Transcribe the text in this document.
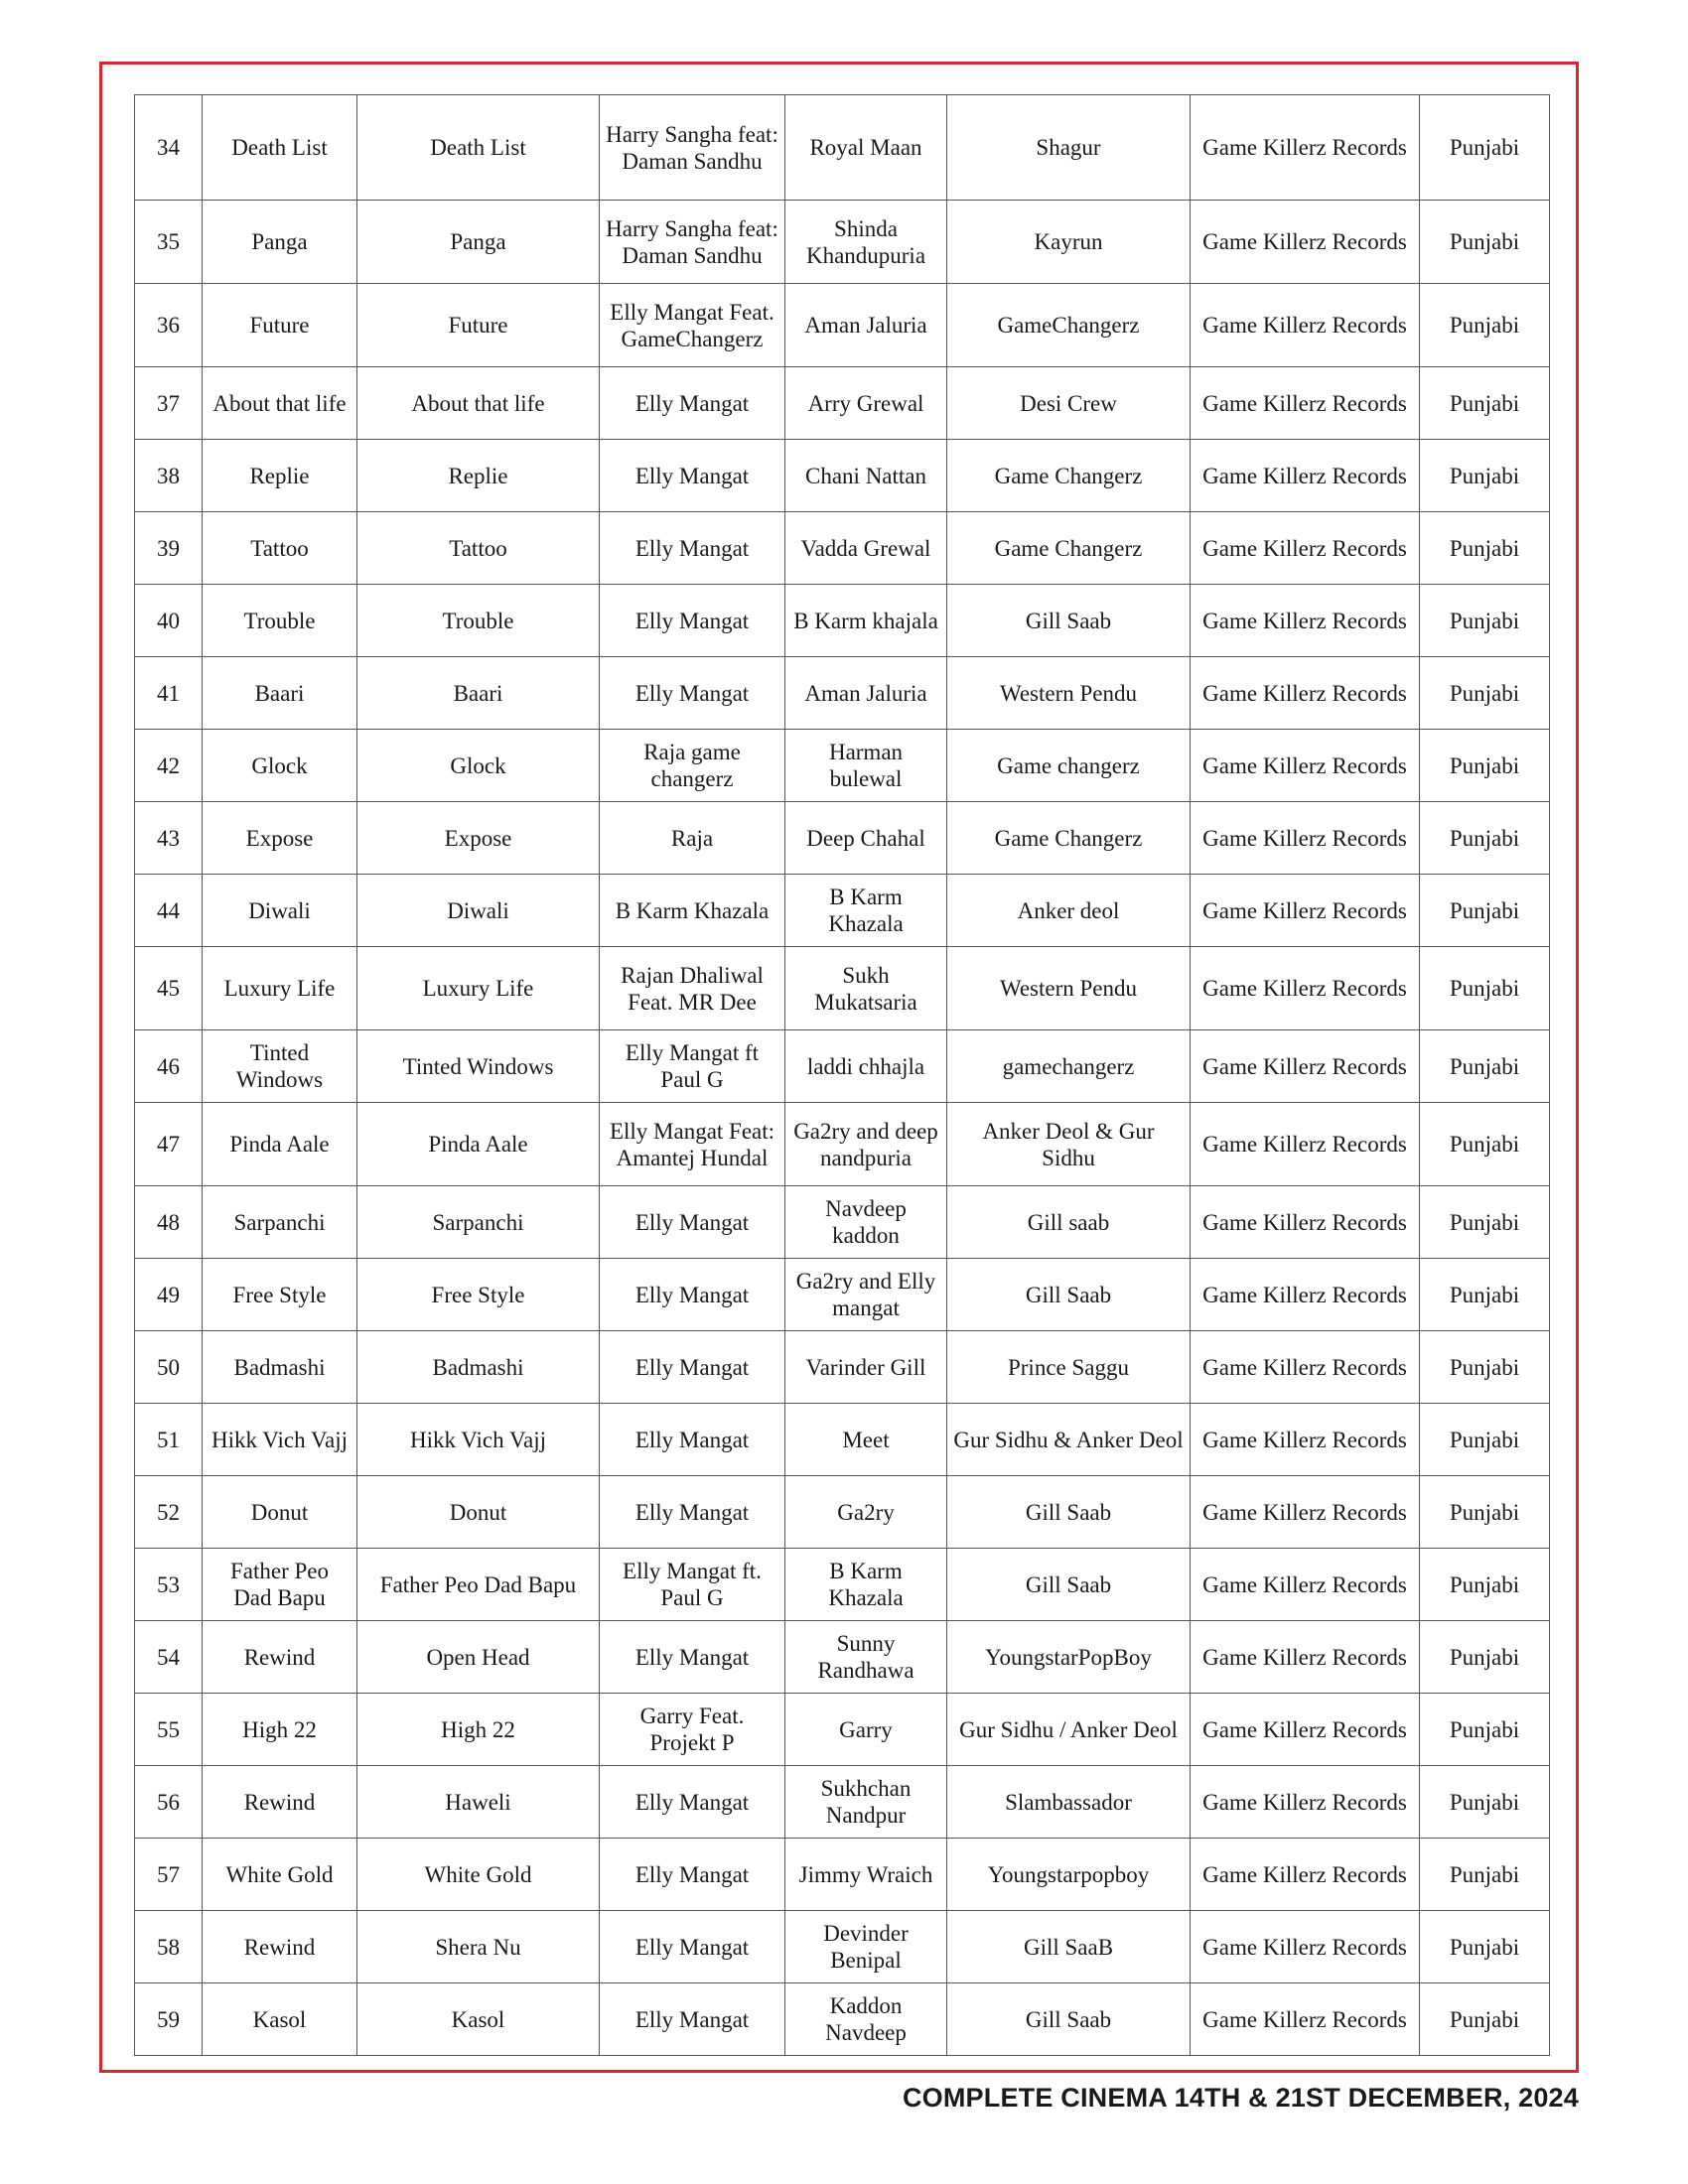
34	Death List	Death List	Harry Sangha feat: Daman Sandhu	Royal Maan	Shagur	Game Killerz Records	Punjabi
35	Panga	Panga	Harry Sangha feat: Daman Sandhu	Shinda Khandupuria	Kayrun	Game Killerz Records	Punjabi
36	Future	Future	Elly Mangat Feat. GameChangerz	Aman Jaluria	GameChangerz	Game Killerz Records	Punjabi
37	About that life	About that life	Elly Mangat	Arry Grewal	Desi Crew	Game Killerz Records	Punjabi
38	Replie	Replie	Elly Mangat	Chani Nattan	Game Changerz	Game Killerz Records	Punjabi
39	Tattoo	Tattoo	Elly Mangat	Vadda Grewal	Game Changerz	Game Killerz Records	Punjabi
40	Trouble	Trouble	Elly Mangat	B Karm khajala	Gill Saab	Game Killerz Records	Punjabi
41	Baari	Baari	Elly Mangat	Aman Jaluria	Western Pendu	Game Killerz Records	Punjabi
42	Glock	Glock	Raja game changerz	Harman bulewal	Game changerz	Game Killerz Records	Punjabi
43	Expose	Expose	Raja	Deep Chahal	Game Changerz	Game Killerz Records	Punjabi
44	Diwali	Diwali	B Karm Khazala	B Karm Khazala	Anker deol	Game Killerz Records	Punjabi
45	Luxury Life	Luxury Life	Rajan Dhaliwal Feat. MR Dee	Sukh Mukatsaria	Western Pendu	Game Killerz Records	Punjabi
46	Tinted Windows	Tinted Windows	Elly Mangat ft Paul G	laddi chhajla	gamechangerz	Game Killerz Records	Punjabi
47	Pinda Aale	Pinda Aale	Elly Mangat Feat: Amantej Hundal	Ga2ry and deep nandpuria	Anker Deol & Gur Sidhu	Game Killerz Records	Punjabi
48	Sarpanchi	Sarpanchi	Elly Mangat	Navdeep kaddon	Gill saab	Game Killerz Records	Punjabi
49	Free Style	Free Style	Elly Mangat	Ga2ry and Elly mangat	Gill Saab	Game Killerz Records	Punjabi
50	Badmashi	Badmashi	Elly Mangat	Varinder Gill	Prince Saggu	Game Killerz Records	Punjabi
51	Hikk Vich Vajj	Hikk Vich Vajj	Elly Mangat	Meet	Gur Sidhu & Anker Deol	Game Killerz Records	Punjabi
52	Donut	Donut	Elly Mangat	Ga2ry	Gill Saab	Game Killerz Records	Punjabi
53	Father Peo Dad Bapu	Father Peo Dad Bapu	Elly Mangat ft. Paul G	B Karm Khazala	Gill Saab	Game Killerz Records	Punjabi
54	Rewind	Open Head	Elly Mangat	Sunny Randhawa	YoungstarPopBoy	Game Killerz Records	Punjabi
55	High 22	High 22	Garry Feat. Projekt P	Garry	Gur Sidhu / Anker Deol	Game Killerz Records	Punjabi
56	Rewind	Haweli	Elly Mangat	Sukhchan Nandpur	Slambassador	Game Killerz Records	Punjabi
57	White Gold	White Gold	Elly Mangat	Jimmy Wraich	Youngstarpopboy	Game Killerz Records	Punjabi
58	Rewind	Shera Nu	Elly Mangat	Devinder Benipal	Gill SaaB	Game Killerz Records	Punjabi
59	Kasol	Kasol	Elly Mangat	Kaddon Navdeep	Gill Saab	Game Killerz Records	Punjabi
COMPLETE CINEMA 14TH & 21ST DECEMBER, 2024
